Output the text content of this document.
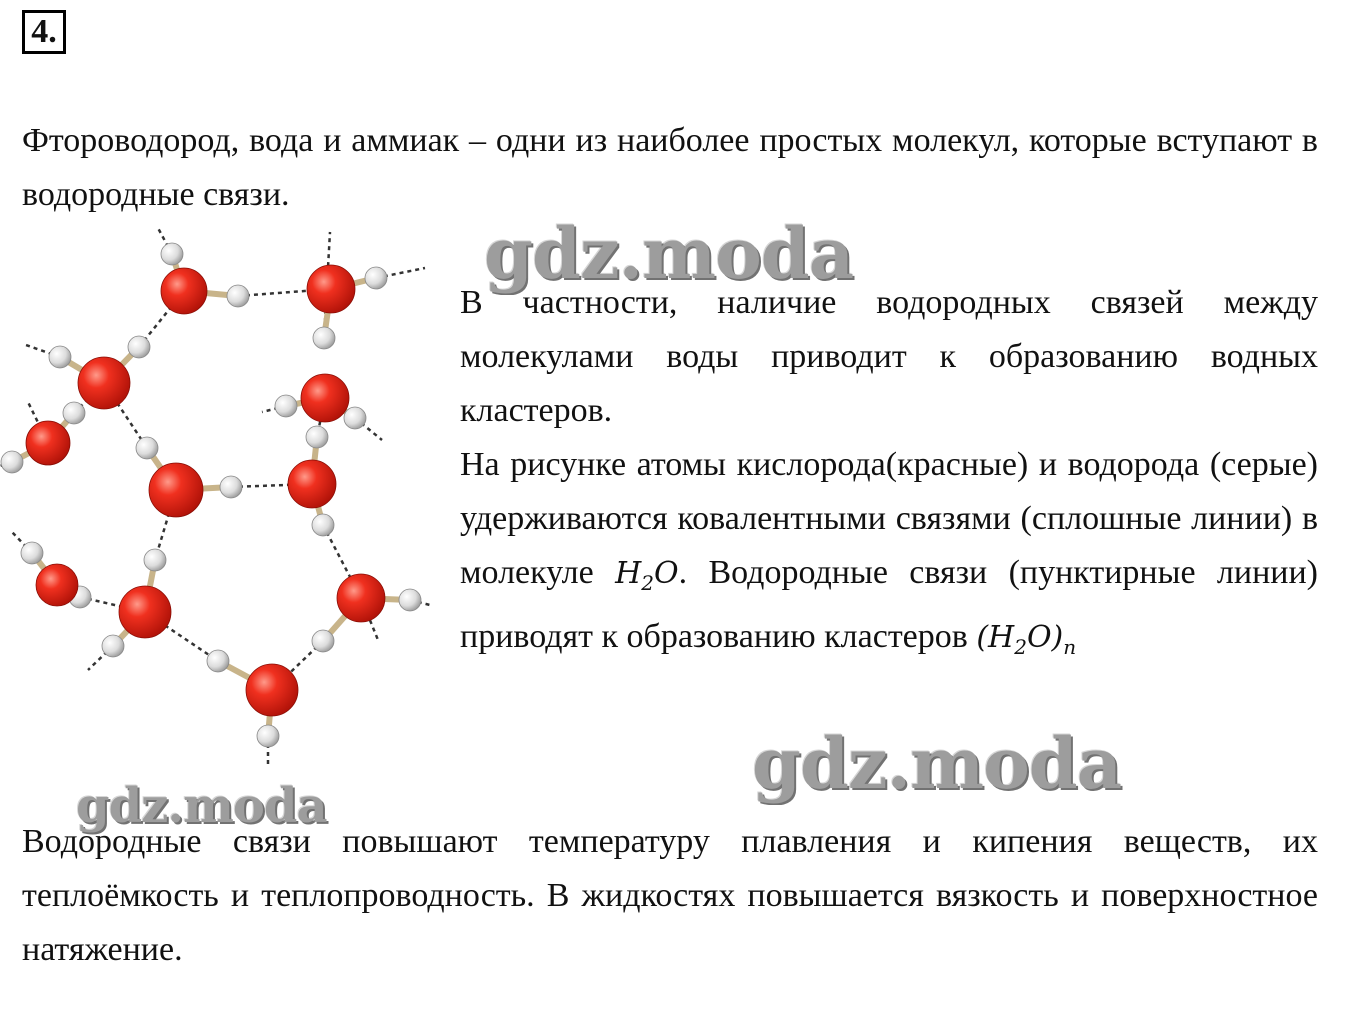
4.

Фтороводород, вода и аммиак – одни из наиболее простых молекул, которые вступают в водородные связи.

В частности, наличие водородных связей между молекулами воды приводит к образованию водных кластеров.
На рисунке атомы кислорода(красные) и водорода (серые) удерживаются ковалентными связями (сплошные линии) в молекуле $H_2O$. Водородные связи (пунктирные линии) приводят к образованию кластеров $(H_2O)_n$

Водородные связи повышают температуру плавления и кипения веществ, их теплоёмкость и теплопроводность. В жидкостях повышается вязкость и поверхностное натяжение.

gdz.moda
gdz.moda
gdz.moda
